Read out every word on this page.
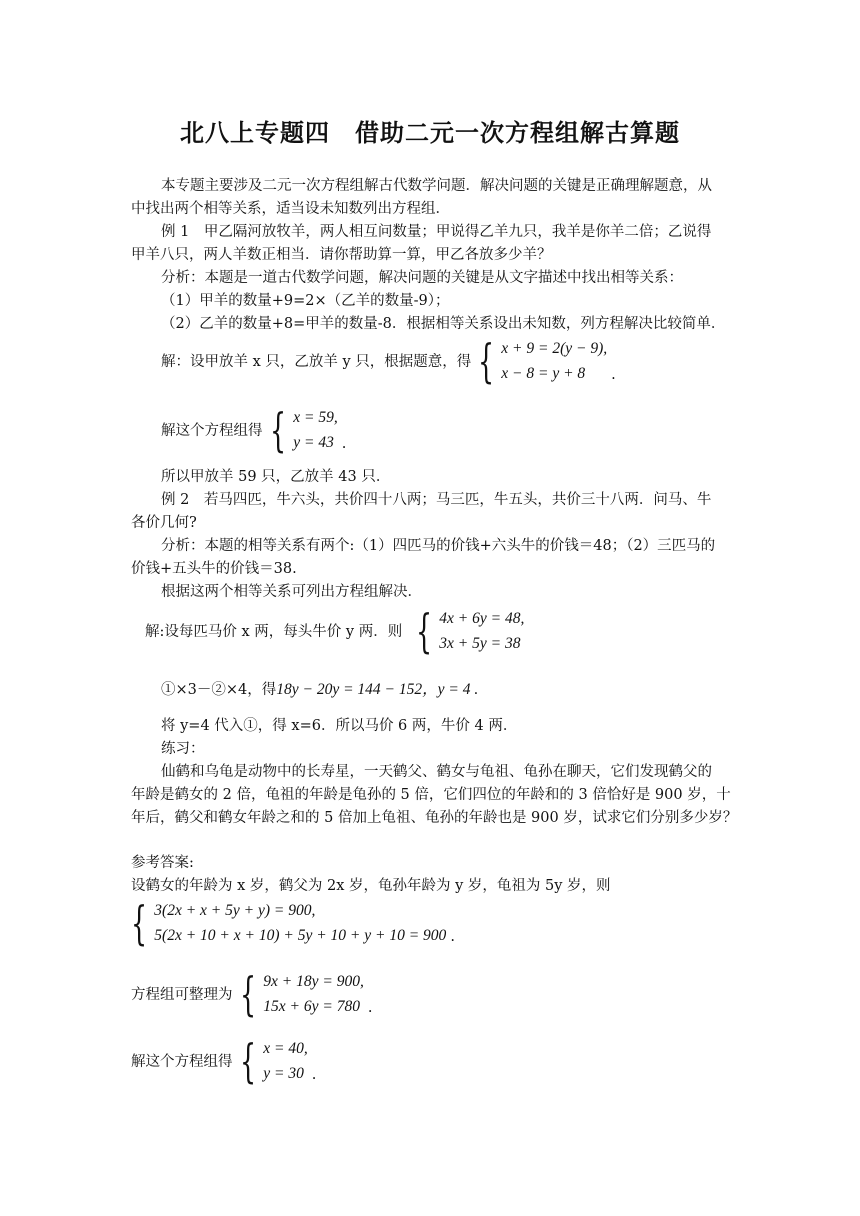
北八上专题四　借助二元一次方程组解古算题
本专题主要涉及二元一次方程组解古代数学问题．解决问题的关键是正确理解题意，从
中找出两个相等关系，适当设未知数列出方程组．
例 1　甲乙隔河放牧羊，两人相互问数量；甲说得乙羊九只，我羊是你羊二倍；乙说得
甲羊八只，两人羊数正相当．请你帮助算一算，甲乙各放多少羊？
分析：本题是一道古代数学问题，解决问题的关键是从文字描述中找出相等关系：
（1）甲羊的数量+9=2×（乙羊的数量-9）；
（2）乙羊的数量+8=甲羊的数量-8．根据相等关系设出未知数，列方程解决比较简单．
解：设甲放羊 x 只，乙放羊 y 只，根据题意，得 { x + 9 = 2(y − 9),
x − 8 = y + 8	.
解这个方程组得 { x = 59,
y = 43 .
所以甲放羊 59 只，乙放羊 43 只．
例 2　若马四匹，牛六头，共价四十八两；马三匹，牛五头，共价三十八两．问马、牛
各价几何?
分析：本题的相等关系有两个:（1）四匹马的价钱+六头牛的价钱＝48；（2）三匹马的
价钱+五头牛的价钱＝38.
根据这两个相等关系可列出方程组解决．
解:设每匹马价 x 两，每头牛价 y 两．则 { 4x + 6y = 48,
3x + 5y = 38
①×3－②×4，得18y − 20y = 144 − 152，y = 4 .
将 y=4 代入①，得 x=6．所以马价 6 两，牛价 4 两．
练习：
仙鹤和乌龟是动物中的长寿星，一天鹤父、鹤女与龟祖、龟孙在聊天，它们发现鹤父的
年龄是鹤女的 2 倍，龟祖的年龄是龟孙的 5 倍，它们四位的年龄和的 3 倍恰好是 900 岁，十
年后，鹤父和鹤女年龄之和的 5 倍加上龟祖、龟孙的年龄也是 900 岁，试求它们分别多少岁？
参考答案:
设鹤女的年龄为 x 岁，鹤父为 2x 岁，龟孙年龄为 y 岁，龟祖为 5y 岁，则
{ 3(2x + x + 5y + y) = 900,
5(2x + 10 + x + 10) + 5y + 10 + y + 10 = 900 .
方程组可整理为 { 9x + 18y = 900,
15x + 6y = 780 .
解这个方程组得 { x = 40,
y = 30 .
